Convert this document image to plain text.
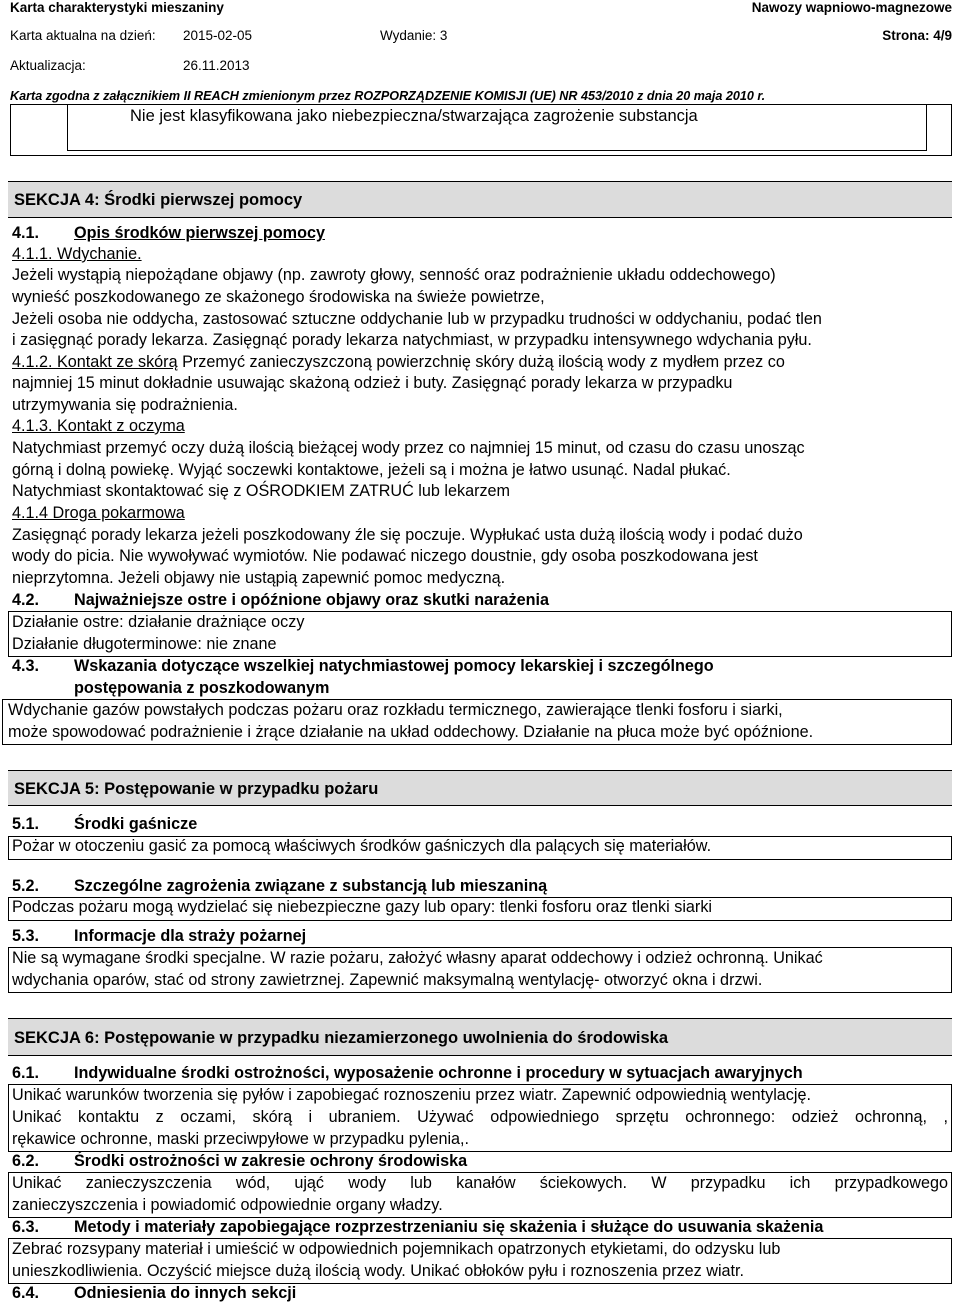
Karta charakterystyki mieszaniny	Nawozy wapniowo-magnezowe
Karta aktualna na dzień: 2015-02-05	Wydanie: 3	Strona: 4/9
Aktualizacja:	26.11.2013
Karta zgodna z załącznikiem II REACH zmienionym przez ROZPORZĄDZENIE KOMISJI (UE) NR 453/2010 z dnia 20 maja 2010 r.
Nie jest klasyfikowana jako niebezpieczna/stwarzająca zagrożenie substancja
SEKCJA 4: Środki pierwszej pomocy
4.1. Opis środków pierwszej pomocy
4.1.1. Wdychanie.
Jeżeli wystąpią niepożądane objawy (np. zawroty głowy, senność oraz podrażnienie układu oddechowego)
wynieść poszkodowanego ze skażonego środowiska na świeże powietrze,
Jeżeli osoba nie oddycha, zastosować sztuczne oddychanie lub w przypadku trudności w oddychaniu, podać tlen
i zasięgnąć porady lekarza. Zasięgnąć porady lekarza natychmiast, w przypadku intensywnego wdychania pyłu.
4.1.2. Kontakt ze skórą Przemyć zanieczyszczoną powierzchnię skóry dużą ilością wody z mydłem przez co
najmniej 15 minut dokładnie usuwając skażoną odzież i buty. Zasięgnąć porady lekarza w przypadku
utrzymywania się podrażnienia.
4.1.3. Kontakt z oczyma
Natychmiast przemyć oczy dużą ilością bieżącej wody przez co najmniej 15 minut, od czasu do czasu unosząc
górną i dolną powiekę. Wyjąć soczewki kontaktowe, jeżeli są i można je łatwo usunąć. Nadal płukać.
Natychmiast skontaktować się z OŚRODKIEM ZATRUĆ lub lekarzem
4.1.4 Droga pokarmowa
Zasięgnąć porady lekarza jeżeli poszkodowany źle się poczuje. Wypłukać usta dużą ilością wody i podać dużo
wody do picia. Nie wywoływać wymiotów. Nie podawać niczego doustnie, gdy osoba poszkodowana jest
nieprzytomna. Jeżeli objawy nie ustąpią zapewnić pomoc medyczną.
4.2. Najważniejsze ostre i opóźnione objawy oraz skutki narażenia
Działanie ostre: działanie drażniące oczy
Działanie długoterminowe: nie znane
4.3. Wskazania dotyczące wszelkiej natychmiastowej pomocy lekarskiej i szczególnego
postępowania z poszkodowanym
Wdychanie gazów powstałych podczas pożaru oraz rozkładu termicznego, zawierające tlenki fosforu i siarki,
może spowodować podrażnienie i żrące działanie na układ oddechowy. Działanie na płuca może być opóźnione.
SEKCJA 5: Postępowanie w przypadku pożaru
5.1. Środki gaśnicze
Pożar w otoczeniu gasić za pomocą właściwych środków gaśniczych dla palących się materiałów.
5.2. Szczególne zagrożenia związane z substancją lub mieszaniną
Podczas pożaru mogą wydzielać się niebezpieczne gazy lub opary: tlenki fosforu oraz tlenki siarki
5.3. Informacje dla straży pożarnej
Nie są wymagane środki specjalne. W razie pożaru, założyć własny aparat oddechowy i odzież ochronną. Unikać
wdychania oparów, stać od strony zawietrznej. Zapewnić maksymalną wentylację- otworzyć okna i drzwi.
SEKCJA 6: Postępowanie w przypadku niezamierzonego uwolnienia do środowiska
6.1. Indywidualne środki ostrożności, wyposażenie ochronne i procedury w sytuacjach awaryjnych
Unikać warunków tworzenia się pyłów i zapobiegać roznoszeniu przez wiatr. Zapewnić odpowiednią wentylację.
Unikać kontaktu z oczami, skórą i ubraniem. Używać odpowiedniego sprzętu ochronnego: odzież ochronną, ,
rękawice ochronne, maski przeciwpyłowe w przypadku pylenia,.
6.2. Środki ostrożności w zakresie ochrony środowiska
Unikać zanieczyszczenia wód, ująć wody lub kanałów ściekowych. W przypadku ich przypadkowego
zanieczyszczenia i powiadomić odpowiednie organy władzy.
6.3. Metody i materiały zapobiegające rozprzestrzenianiu się skażenia i służące do usuwania skażenia
Zebrać rozsypany materiał i umieścić w odpowiednich pojemnikach opatrzonych etykietami, do odzysku lub
unieszkodliwienia. Oczyścić miejsce dużą ilością wody. Unikać obłoków pyłu i roznoszenia przez wiatr.
6.4. Odniesienia do innych sekcji
